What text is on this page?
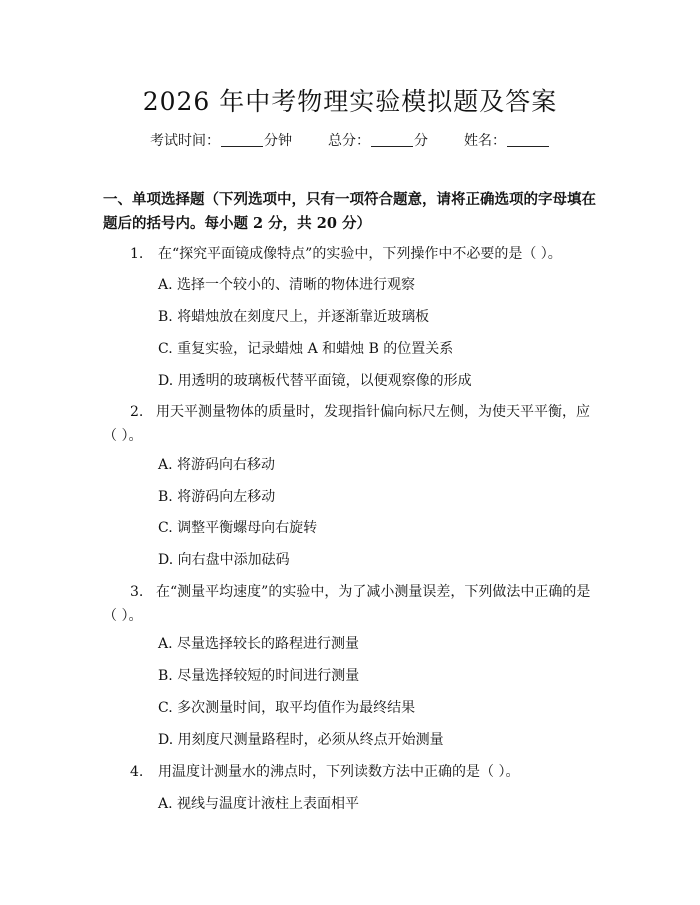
2026 年中考物理实验模拟题及答案
考试时间：	分钟	总分：	分	姓名：
一、单项选择题（下列选项中，只有一项符合题意，请将正确选项的字母填在题后的括号内。每小题 2 分，共 20 分）
1. 在“探究平面镜成像特点”的实验中，下列操作中不必要的是（ ）。
A. 选择一个较小的、清晰的物体进行观察
B. 将蜡烛放在刻度尺上，并逐渐靠近玻璃板
C. 重复实验，记录蜡烛 A 和蜡烛 B 的位置关系
D. 用透明的玻璃板代替平面镜，以便观察像的形成
2. 用天平测量物体的质量时，发现指针偏向标尺左侧，为使天平平衡，应（ ）。
A. 将游码向右移动
B. 将游码向左移动
C. 调整平衡螺母向右旋转
D. 向右盘中添加砝码
3. 在“测量平均速度”的实验中，为了减小测量误差，下列做法中正确的是（ ）。
A. 尽量选择较长的路程进行测量
B. 尽量选择较短的时间进行测量
C. 多次测量时间，取平均值作为最终结果
D. 用刻度尺测量路程时，必须从终点开始测量
4. 用温度计测量水的沸点时，下列读数方法中正确的是（ ）。
A. 视线与温度计液柱上表面相平
